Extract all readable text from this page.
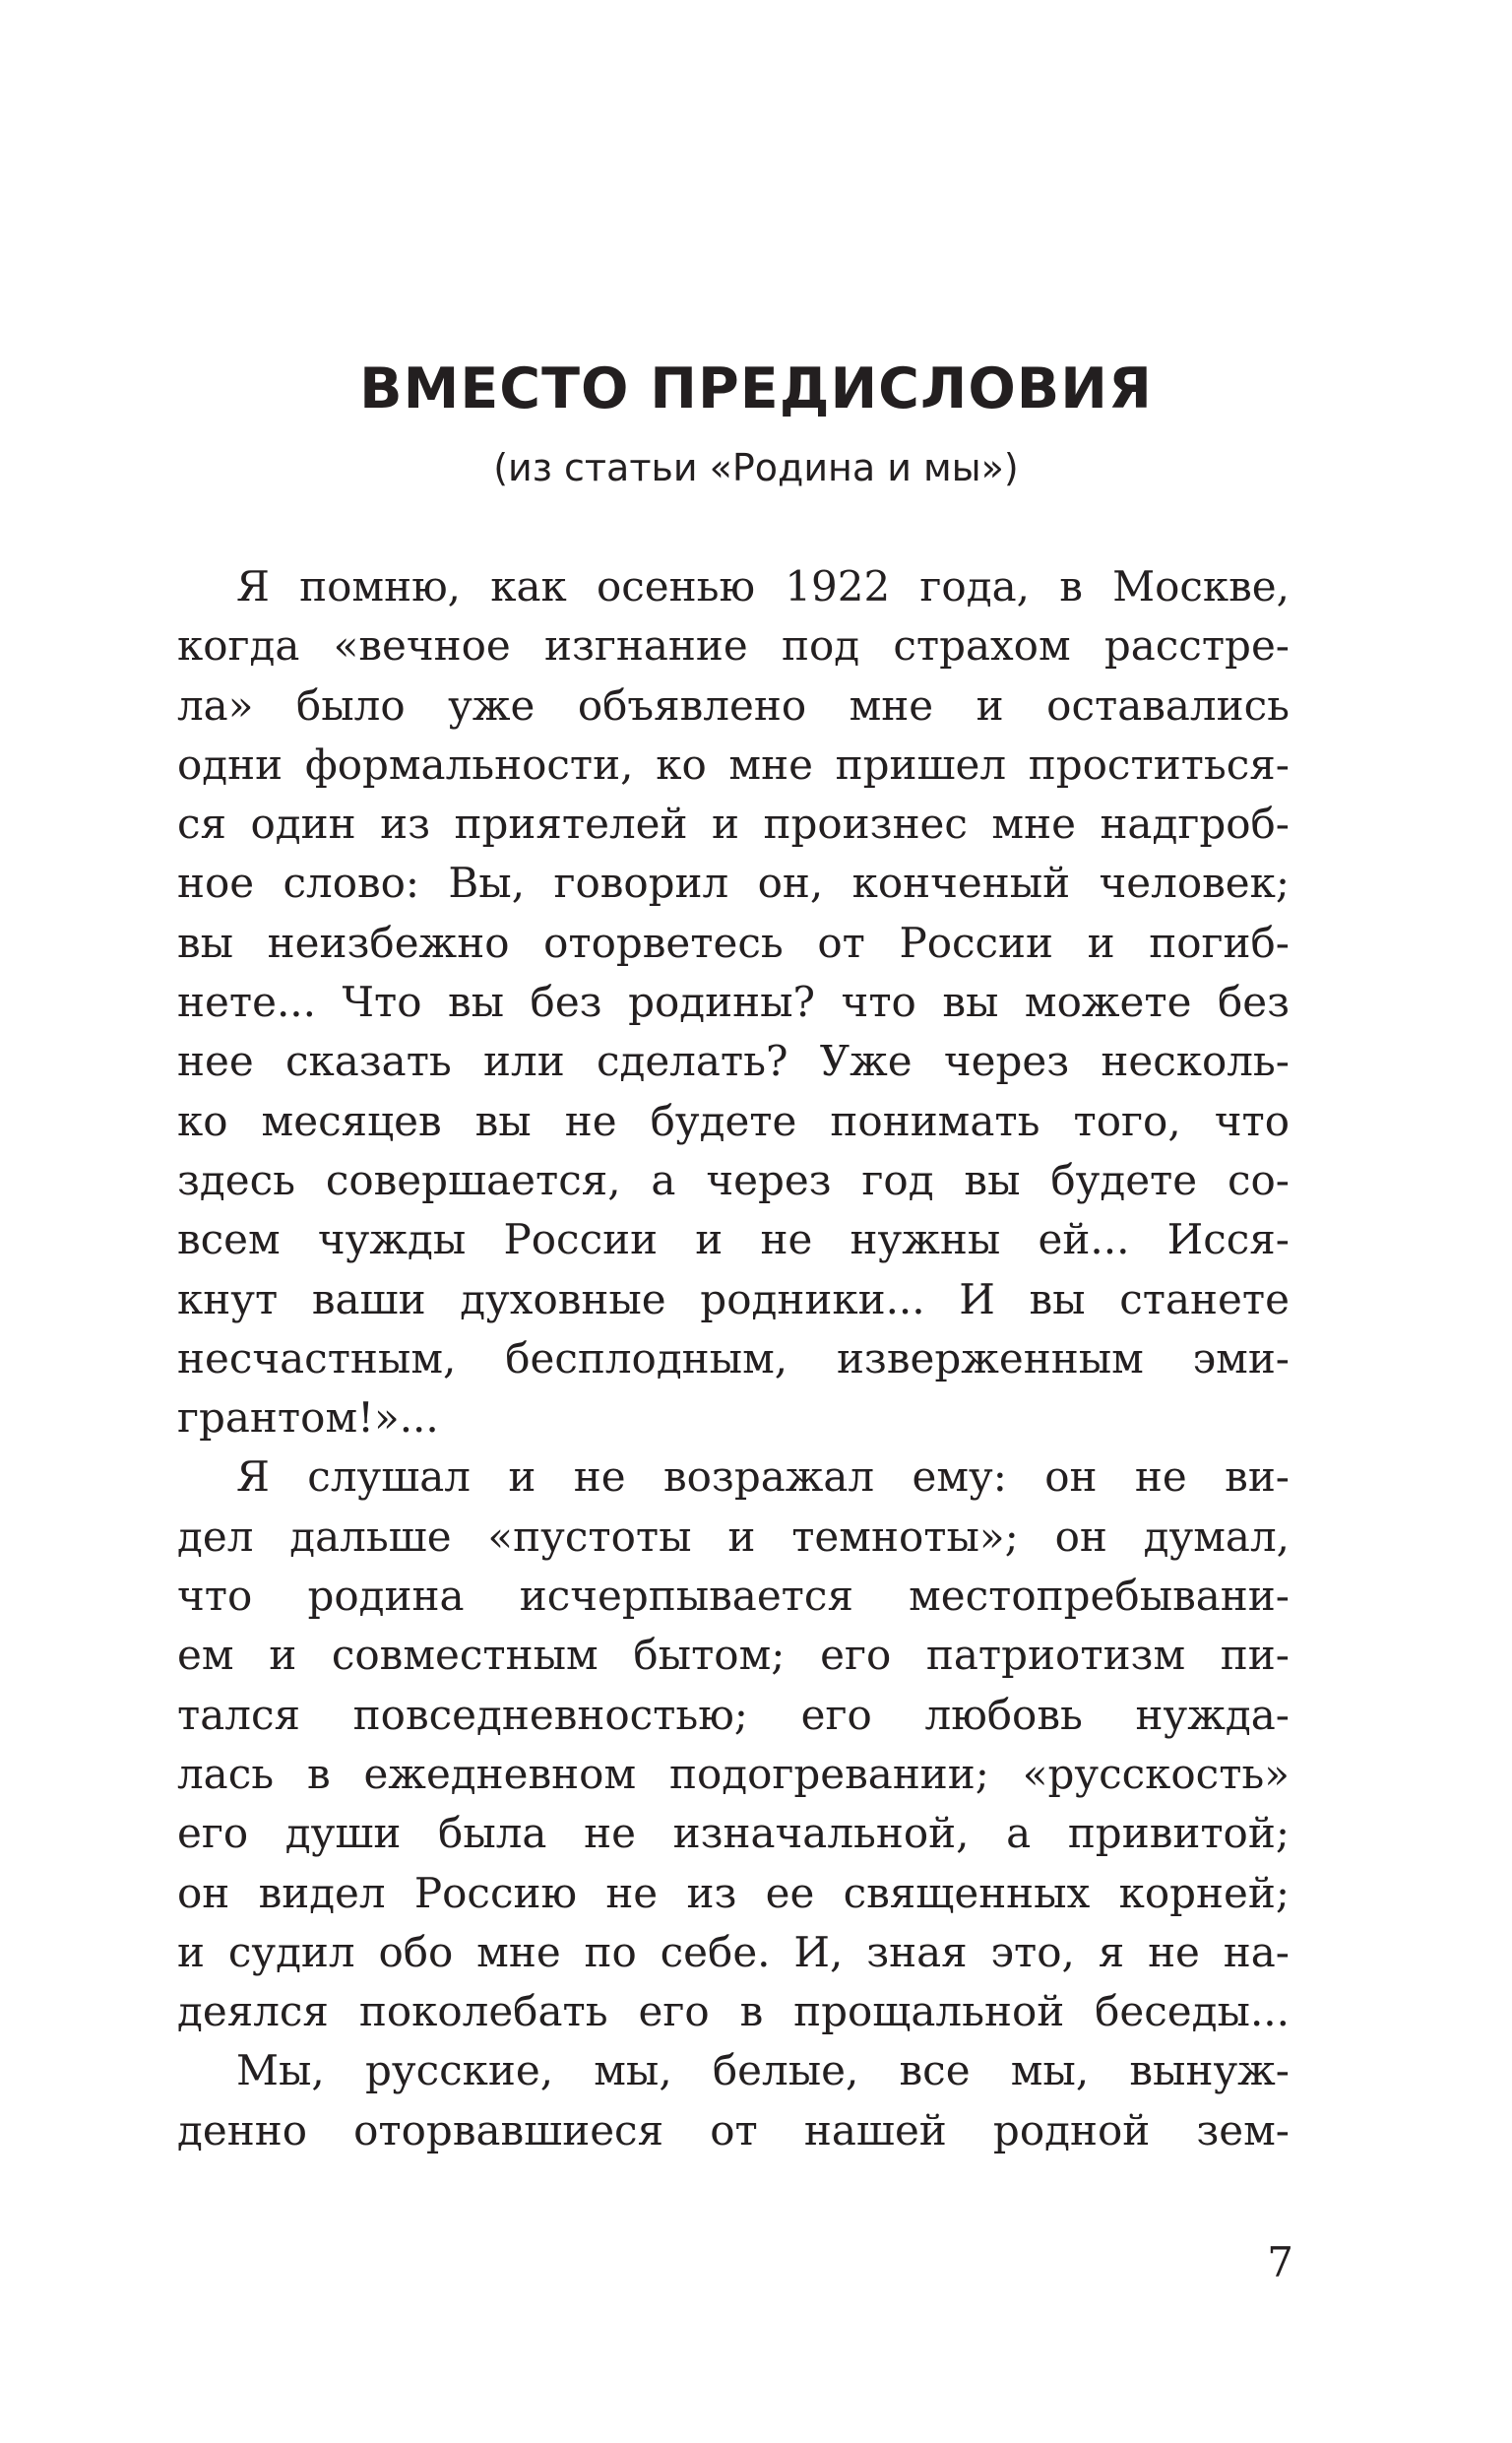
ВМЕСТО ПРЕДИСЛОВИЯ
(из статьи «Родина и мы»)
Я помню, как осенью 1922 года, в Москве,
когда «вечное изгнание под страхом расстре-
ла» было уже объявлено мне и оставались
одни формальности, ко мне пришел проститься-
ся один из приятелей и произнес мне надгроб-
ное слово: Вы, говорил он, конченый человек;
вы неизбежно оторветесь от России и погиб-
нете... Что вы без родины? что вы можете без
нее сказать или сделать? Уже через несколь-
ко месяцев вы не будете понимать того, что
здесь совершается, а через год вы будете со-
всем чужды России и не нужны ей... Исся-
кнут ваши духовные родники... И вы станете
несчастным, бесплодным, изверженным эми-
грантом!»...
Я слушал и не возражал ему: он не ви-
дел дальше «пустоты и темноты»; он думал,
что родина исчерпывается местопребывани-
ем и совместным бытом; его патриотизм пи-
тался повседневностью; его любовь нужда-
лась в ежедневном подогревании; «русскость»
его души была не изначальной, а привитой;
он видел Россию не из ее священных корней;
и судил обо мне по себе. И, зная это, я не на-
деялся поколебать его в прощальной беседы...
Мы, русские, мы, белые, все мы, вынуж-
денно оторвавшиеся от нашей родной зем-
7
